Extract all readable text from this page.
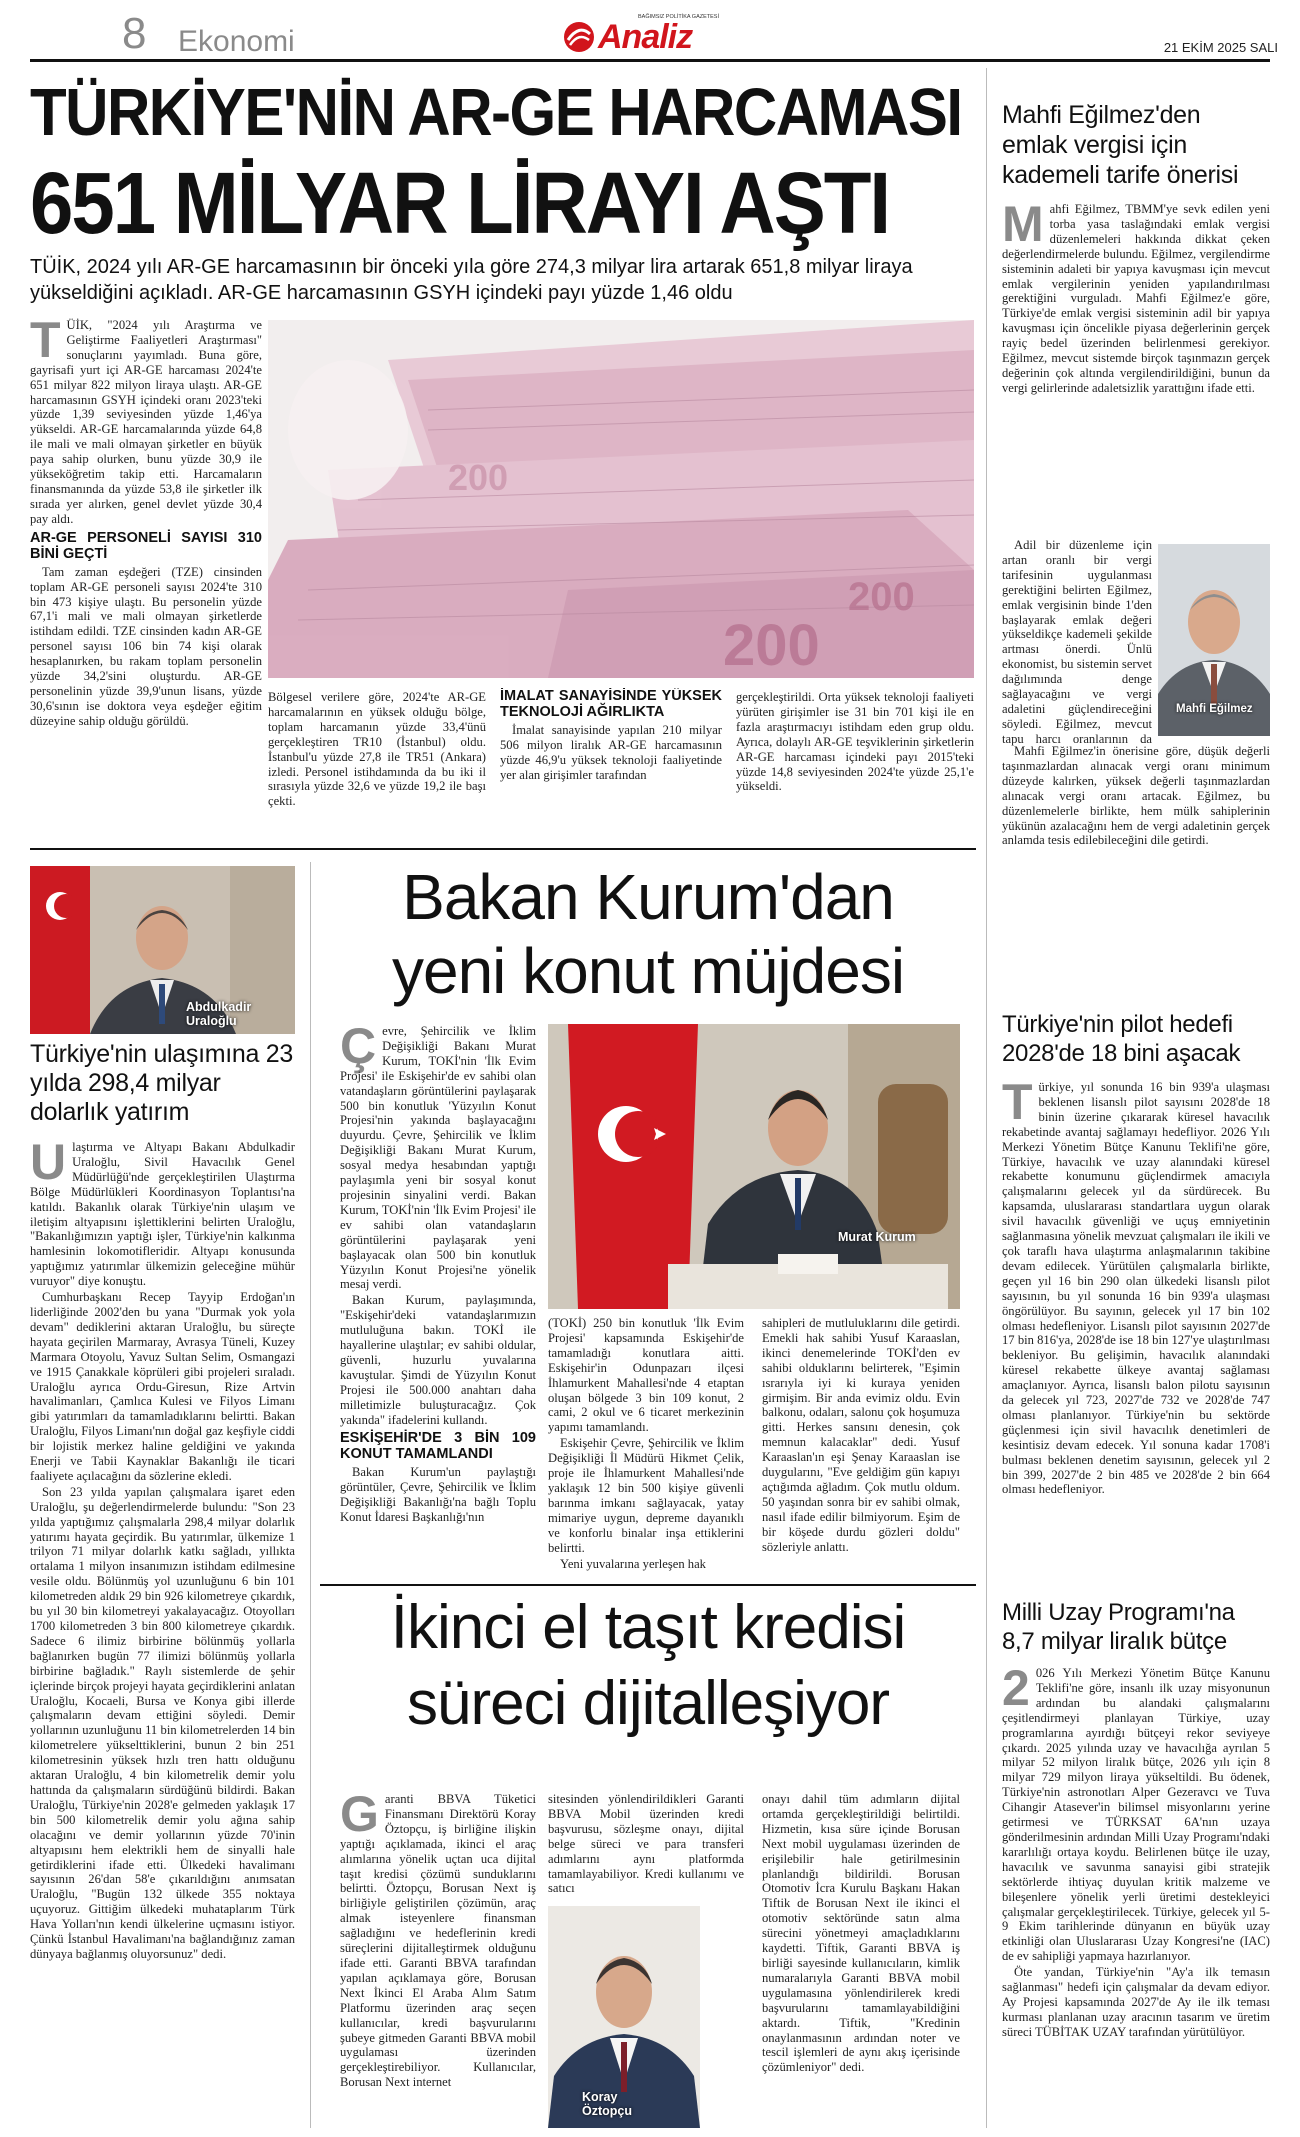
8 Ekonomi
BAĞIMSIZ POLİTİKA GAZETESİ
Analiz	21 EKİM 2025 SALI
TÜRKİYE'NİN AR-GE HARCAMASI
651 MİLYAR LİRAYI AŞTI
TÜİK, 2024 yılı AR-GE harcamasının bir önceki yıla göre 274,3 milyar lira artarak 651,8 milyar liraya yükseldiğini açıkladı. AR-GE harcamasının GSYH içindeki payı yüzde 1,46 oldu
T ÜİK, "2024 yılı Araştırma ve Geliştirme Faaliyetleri Araştırması" sonuçlarını yayımladı. Buna göre, gayrisafi yurt içi AR-GE harcaması 2024'te 651 milyar 822 milyon liraya ulaştı. AR-GE harcamasının GSYH içindeki oranı 2023'teki yüzde 1,39 seviyesinden yüzde 1,46'ya yükseldi. AR-GE harcamalarında yüzde 64,8 ile mali ve mali olmayan şirketler en büyük paya sahip olurken, bunu yüzde 30,9 ile yükseköğretim takip etti. Harcamaların finansmanında da yüzde 53,8 ile şirketler ilk sırada yer alırken, genel devlet yüzde 30,4 pay aldı.

AR-GE PERSONELİ SAYISI 310 BİNİ GEÇTİ

Tam zaman eşdeğeri (TZE) cinsinden toplam AR-GE personeli sayısı 2024'te 310 bin 473 kişiye ulaştı. Bu personelin yüzde 67,1'i mali ve mali olmayan şirketlerde istihdam edildi. TZE cinsinden kadın AR-GE personel sayısı 106 bin 74 kişi olarak hesaplanırken, bu rakam toplam personelin yüzde 34,2'sini oluşturdu. AR-GE personelinin yüzde 39,9'unun lisans, yüzde 30,6'sının ise doktora veya eşdeğer eğitim düzeyine sahip olduğu görüldü.

200
200
200

Bölgesel verilere göre, 2024'te AR-GE harcamalarının en yüksek olduğu bölge, toplam harcamanın yüzde 33,4'ünü gerçekleştiren TR10 (İstanbul) oldu. İstanbul'u yüzde 27,8 ile TR51 (Ankara) izledi. Personel istihdamında da bu iki il sırasıyla yüzde 32,6 ve yüzde 19,2 ile başı çekti.

İMALAT SANAYİSİNDE YÜKSEK TEKNOLOJİ AĞIRLIKTA

İmalat sanayisinde yapılan 210 milyar 506 milyon liralık AR-GE harcamasının yüzde 46,9'u yüksek teknoloji faaliyetinde yer alan girişimler tarafından

gerçekleştirildi. Orta yüksek teknoloji faaliyeti yürüten girişimler ise 31 bin 701 kişi ile en fazla araştırmacıyı istihdam eden grup oldu. Ayrıca, dolaylı AR-GE teşviklerinin şirketlerin AR-GE harcaması içindeki payı 2015'teki yüzde 14,8 seviyesinden 2024'te yüzde 25,1'e yükseldi.

Mahfi Eğilmez'den emlak vergisi için kademeli tarife önerisi
M ahfi Eğilmez, TBMM'ye sevk edilen yeni torba yasa taslağındaki emlak vergisi düzenlemeleri hakkında dikkat çeken değerlendirmelerde bulundu. Eğilmez, vergilendirme sisteminin adaleti bir yapıya kavuşması için mevcut emlak vergilerinin yeniden yapılandırılması gerektiğini vurguladı. Mahfi Eğilmez'e göre, Türkiye'de emlak vergisi sisteminin adil bir yapıya kavuşması için öncelikle piyasa değerlerinin gerçek rayiç bedel üzerinden belirlenmesi gerekiyor. Eğilmez, mevcut sistemde birçok taşınmazın gerçek değerinin çok altında vergilendirildiğini, bunun da vergi gelirlerinde adaletsizlik yarattığını ifade etti.

Adil bir düzenleme için artan oranlı bir vergi tarifesinin uygulanması gerektiğini belirten Eğilmez, emlak vergisinin binde 1'den başlayarak emlak değeri yükseldikçe kademeli şekilde artması önerdi. Ünlü ekonomist, bu sistemin servet dağılımında denge sağlayacağını ve vergi adaletini güçlendireceğini söyledi. Eğilmez, mevcut tapu harcı oranlarının da

Mahfi Eğilmez

Mahfi Eğilmez'in önerisine göre, düşük değerli taşınmazlardan alınacak vergi oranı minimum düzeyde kalırken, yüksek değerli taşınmazlardan alınacak vergi oranı artacak. Eğilmez, bu düzenlemelerle birlikte, hem mülk sahiplerinin yükünün azalacağını hem de vergi adaletinin gerçek anlamda tesis edilebileceğini dile getirdi.

Türkiye'nin pilot hedefi 2028'de 18 bini aşacak
T ürkiye, yıl sonunda 16 bin 939'a ulaşması beklenen lisanslı pilot sayısını 2028'de 18 binin üzerine çıkararak küresel havacılık rekabetinde avantaj sağlamayı hedefliyor. 2026 Yılı Merkezi Yönetim Bütçe Kanunu Teklifi'ne göre, Türkiye, havacılık ve uzay alanındaki küresel rekabette konumunu güçlendirmek amacıyla çalışmalarını gelecek yıl da sürdürecek. Bu kapsamda, uluslararası standartlara uygun olarak sivil havacılık güvenliği ve uçuş emniyetinin sağlanmasına yönelik mevzuat çalışmaları ile ikili ve çok taraflı hava ulaştırma anlaşmalarının takibine devam edilecek. Yürütülen çalışmalarla birlikte, geçen yıl 16 bin 290 olan ülkedeki lisanslı pilot sayısının, bu yıl sonunda 16 bin 939'a ulaşması öngörülüyor. Bu sayının, gelecek yıl 17 bin 102 olması hedefleniyor. Lisanslı pilot sayısının 2027'de 17 bin 816'ya, 2028'de ise 18 bin 127'ye ulaştırılması bekleniyor. Bu gelişimin, havacılık alanındaki küresel rekabette ülkeye avantaj sağlaması amaçlanıyor. Ayrıca, lisanslı balon pilotu sayısının da gelecek yıl 723, 2027'de 732 ve 2028'de 747 olması planlanıyor. Türkiye'nin bu sektörde güçlenmesi için sivil havacılık denetimleri de kesintisiz devam edecek. Yıl sonuna kadar 1708'i bulması beklenen denetim sayısının, gelecek yıl 2 bin 399, 2027'de 2 bin 485 ve 2028'de 2 bin 664 olması hedefleniyor.

Milli Uzay Programı'na 8,7 milyar liralık bütçe
2 026 Yılı Merkezi Yönetim Bütçe Kanunu Teklifi'ne göre, insanlı ilk uzay misyonunun ardından bu alandaki çalışmalarını çeşitlendirmeyi planlayan Türkiye, uzay programlarına ayırdığı bütçeyi rekor seviyeye çıkardı. 2025 yılında uzay ve havacılığa ayrılan 5 milyar 52 milyon liralık bütçe, 2026 yılı için 8 milyar 729 milyon liraya yükseltildi. Bu ödenek, Türkiye'nin astronotları Alper Gezeravcı ve Tuva Cihangir Atasever'in bilimsel misyonlarını yerine getirmesi ve TÜRKSAT 6A'nın uzaya gönderilmesinin ardından Milli Uzay Programı'ndaki kararlılığı ortaya koydu. Belirlenen bütçe ile uzay, havacılık ve savunma sanayisi gibi stratejik sektörlerde ihtiyaç duyulan kritik malzeme ve bileşenlere yönelik yerli üretimi destekleyici çalışmalar gerçekleştirilecek. Türkiye, gelecek yıl 5-9 Ekim tarihlerinde dünyanın en büyük uzay etkinliği olan Uluslararası Uzay Kongresi'ne (IAC) de ev sahipliği yapmaya hazırlanıyor.

Öte yandan, Türkiye'nin "Ay'a ilk temasın sağlanması" hedefi için çalışmalar da devam ediyor. Ay Projesi kapsamında 2027'de Ay ile ilk teması kurması planlanan uzay aracının tasarım ve üretim süreci TÜBİTAK UZAY tarafından yürütülüyor.

Abdulkadir
Uraloğlu
Türkiye'nin ulaşımına 23 yılda 298,4 milyar dolarlık yatırım
U laştırma ve Altyapı Bakanı Abdulkadir Uraloğlu, Sivil Havacılık Genel Müdürlüğü'nde gerçekleştirilen Ulaştırma Bölge Müdürlükleri Koordinasyon Toplantısı'na katıldı. Bakanlık olarak Türkiye'nin ulaşım ve iletişim altyapısını işlettiklerini belirten Uraloğlu, "Bakanlığımızın yaptığı işler, Türkiye'nin kalkınma hamlesinin lokomotifleridir. Altyapı konusunda yaptığımız yatırımlar ülkemizin geleceğine mühür vuruyor" diye konuştu.

Cumhurbaşkanı Recep Tayyip Erdoğan'ın liderliğinde 2002'den bu yana "Durmak yok yola devam" dediklerini aktaran Uraloğlu, bu süreçte hayata geçirilen Marmaray, Avrasya Tüneli, Kuzey Marmara Otoyolu, Yavuz Sultan Selim, Osmangazi ve 1915 Çanakkale köprüleri gibi projeleri sıraladı. Uraloğlu ayrıca Ordu-Giresun, Rize Artvin havalimanları, Çamlıca Kulesi ve Filyos Limanı gibi yatırımları da tamamladıklarını belirtti. Bakan Uraloğlu, Filyos Limanı'nın doğal gaz keşfiyle ciddi bir lojistik merkez haline geldiğini ve yakında Enerji ve Tabii Kaynaklar Bakanlığı ile ticari faaliyete açılacağını da sözlerine ekledi.

Son 23 yılda yapılan çalışmalara işaret eden Uraloğlu, şu değerlendirmelerde bulundu: "Son 23 yılda yaptığımız çalışmalarla 298,4 milyar dolarlık yatırımı hayata geçirdik. Bu yatırımlar, ülkemize 1 trilyon 71 milyar dolarlık katkı sağladı, yıllıkta ortalama 1 milyon insanımızın istihdam edilmesine vesile oldu. Bölünmüş yol uzunluğunu 6 bin 101 kilometreden aldık 29 bin 926 kilometreye çıkardık, bu yıl 30 bin kilometreyi yakalayacağız. Otoyolları 1700 kilometreden 3 bin 800 kilometreye çıkardık. Sadece 6 ilimiz birbirine bölünmüş yollarla bağlanırken bugün 77 ilimizi bölünmüş yollarla birbirine bağladık." Raylı sistemlerde de şehir içlerinde birçok projeyi hayata geçirdiklerini anlatan Uraloğlu, Kocaeli, Bursa ve Konya gibi illerde çalışmaların devam ettiğini söyledi. Demir yollarının uzunluğunu 11 bin kilometrelerden 14 bin kilometrelere yükselttiklerini, bunun 2 bin 251 kilometresinin yüksek hızlı tren hattı olduğunu aktaran Uraloğlu, 4 bin kilometrelik demir yolu hattında da çalışmaların sürdüğünü bildirdi. Bakan Uraloğlu, Türkiye'nin 2028'e gelmeden yaklaşık 17 bin 500 kilometrelik demir yolu ağına sahip olacağını ve demir yollarının yüzde 70'inin altyapısını hem elektrikli hem de sinyalli hale getirdiklerini ifade etti. Ülkedeki havalimanı sayısının 26'dan 58'e çıkarıldığını anımsatan Uraloğlu, "Bugün 132 ülkede 355 noktaya uçuyoruz. Gittiğim ülkedeki muhataplarım Türk Hava Yolları'nın kendi ülkelerine uçmasını istiyor. Çünkü İstanbul Havalimanı'na bağlandığınız zaman dünyaya bağlanmış oluyorsunuz" dedi.

Bakan Kurum'dan
yeni konut müjdesi
Ç evre, Şehircilik ve İklim Değişikliği Bakanı Murat Kurum, TOKİ'nin 'İlk Evim Projesi' ile Eskişehir'de ev sahibi olan vatandaşların görüntülerini paylaşarak 500 bin konutluk 'Yüzyılın Konut Projesi'nin yakında başlayacağını duyurdu. Çevre, Şehircilik ve İklim Değişikliği Bakanı Murat Kurum, sosyal medya hesabından yaptığı paylaşımla yeni bir sosyal konut projesinin sinyalini verdi. Bakan Kurum, TOKİ'nin 'İlk Evim Projesi' ile ev sahibi olan vatandaşların görüntülerini paylaşarak yeni başlayacak olan 500 bin konutluk Yüzyılın Konut Projesi'ne yönelik mesaj verdi.

Bakan Kurum, paylaşımında, "Eskişehir'deki vatandaşlarımızın mutluluğuna bakın. TOKİ ile hayallerine ulaştılar; ev sahibi oldular, güvenli, huzurlu yuvalarına kavuştular. Şimdi de Yüzyılın Konut Projesi ile 500.000 anahtarı daha milletimizle buluşturacağız. Çok yakında" ifadelerini kullandı.

ESKİŞEHİR'DE 3 BİN 109 KONUT TAMAMLANDI

Bakan Kurum'un paylaştığı görüntüler, Çevre, Şehircilik ve İklim Değişikliği Bakanlığı'na bağlı Toplu Konut İdaresi Başkanlığı'nın

Murat Kurum

(TOKİ) 250 bin konutluk 'İlk Evim Projesi' kapsamında Eskişehir'de tamamladığı konutlara aitti. Eskişehir'in Odunpazarı ilçesi İhlamurkent Mahallesi'nde 4 etaptan oluşan bölgede 3 bin 109 konut, 2 cami, 2 okul ve 6 ticaret merkezinin yapımı tamamlandı.

Eskişehir Çevre, Şehircilik ve İklim Değişikliği İl Müdürü Hikmet Çelik, proje ile İhlamurkent Mahallesi'nde yaklaşık 12 bin 500 kişiye güvenli barınma imkanı sağlayacak, yatay mimariye uygun, depreme dayanıklı ve konforlu binalar inşa ettiklerini belirtti.

Yeni yuvalarına yerleşen hak

sahipleri de mutluluklarını dile getirdi. Emekli hak sahibi Yusuf Karaaslan, ikinci denemelerinde TOKİ'den ev sahibi olduklarını belirterek, "Eşimin ısrarıyla iyi ki kuraya yeniden girmişim. Bir anda evimiz oldu. Evin balkonu, odaları, salonu çok hoşumuza gitti. Herkes sansını denesin, çok memnun kalacaklar" dedi. Yusuf Karaaslan'ın eşi Şenay Karaaslan ise duygularını, "Eve geldiğim gün kapıyı açtığımda ağladım. Çok mutlu oldum. 50 yaşından sonra bir ev sahibi olmak, nasıl ifade edilir bilmiyorum. Eşim de bir köşede durdu gözleri doldu" sözleriyle anlattı.

İkinci el taşıt kredisi
süreci dijitalleşiyor
G aranti BBVA Tüketici Finansmanı Direktörü Koray Öztopçu, iş birliğine ilişkin yaptığı açıklamada, ikinci el araç alımlarına yönelik uçtan uca dijital taşıt kredisi çözümü sunduklarını belirtti. Öztopçu, Borusan Next iş birliğiyle geliştirilen çözümün, araç almak isteyenlere finansman sağladığını ve hedeflerinin kredi süreçlerini dijitalleştirmek olduğunu ifade etti. Garanti BBVA tarafından yapılan açıklamaya göre, Borusan Next İkinci El Araba Alım Satım Platformu üzerinden araç seçen kullanıcılar, kredi başvurularını şubeye gitmeden Garanti BBVA mobil uygulaması üzerinden gerçekleştirebiliyor. Kullanıcılar, Borusan Next internet

sitesinden yönlendirildikleri Garanti BBVA Mobil üzerinden kredi başvurusu, sözleşme onayı, dijital belge süreci ve para transferi adımlarını aynı platformda tamamlayabiliyor. Kredi kullanımı ve satıcı

Koray
Öztopçu

onayı dahil tüm adımların dijital ortamda gerçekleştirildiği belirtildi. Hizmetin, kısa süre içinde Borusan Next mobil uygulaması üzerinden de erişilebilir hale getirilmesinin planlandığı bildirildi. Borusan Otomotiv İcra Kurulu Başkanı Hakan Tiftik de Borusan Next ile ikinci el otomotiv sektöründe satın alma sürecini yönetmeyi amaçladıklarını kaydetti. Tiftik, Garanti BBVA iş birliği sayesinde kullanıcıların, kimlik numaralarıyla Garanti BBVA mobil uygulamasına yönlendirilerek kredi başvurularını tamamlayabildiğini aktardı. Tiftik, "Kredinin onaylanmasının ardından noter ve tescil işlemleri de aynı akış içerisinde çözümleniyor" dedi.
